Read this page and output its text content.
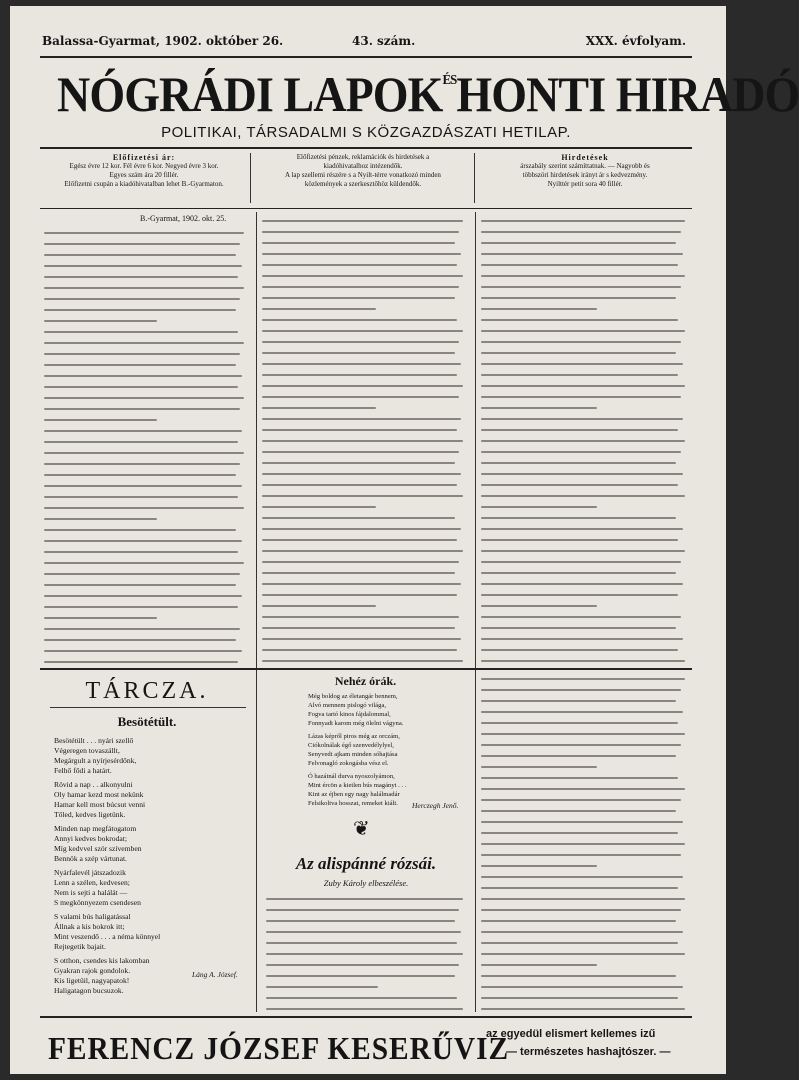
Balassa-Gyarmat, 1902. október 26.	43. szám.	XXX. évfolyam.
NÓGRÁDI $LAPOK^{ÉS}HONTI$ HIRADÓ
POLITIKAI, TÁRSADALMI S KÖZGAZDÁSZATI HETILAP.
Előfizetési ár:
Egész évre 12 kor. Fél évre 6 kor. Negyed évre 3 kor.
Egyes szám ára 20 fillér.
Előfizetni csupán a kiadóhivatalban lehet B.-Gyarmaton.
Előfizetési pénzek, reklamációk és hirdetések a
kiadóhivatalhoz intézendők.
A lap szellemi részére s a Nyilt-térre vonatkozó minden
közlemények a szerkesztőhöz küldendők.
Hirdetések
árszabály szerint számíttatnak. — Nagyobb és
többszöri hirdetések irányt ár s kedvezmény.
Nyilttér petit sora 40 fillér.
B.-Gyarmat, 1902. okt. 25.
TÁRCZA.
Besötétült.
Besötétült . . . nyári szellő
Végeregen tovaszállt,
Megárgult a nyírjesérdőnk,
Felhő fődi a határt.
Rövid a nap . . alkonyulni
Oly hamar kezd most nekünk
Hamar kell most búcsut venni
Tőled, kedves ligetünk.
Minden nap megfátogatom
Annyi kedves bokrodat;
Míg kedvvel ször szívemben
Bennök a szép vártunat.
Nyárfalevél játszadozik
Lenn a szélen, kedvesen;
Nem is sejti a halálát —
S megkönnyezem csendesen
S valami bús haligatással
Állnak a kis bokrok itt;
Mint veszendő . . . a néma könnyel
Rejtegetik bajait.
S otthon, csendes kis lakomban
Gyakran rajok gondolok.
Kis ligetüil, nagyapatok!
Haligatagon bucsuzok.
Láng A. József.
Nehéz órák.
Még boldog az életangár bennem,
Alvó mennem pislogó világa,
Fogva tartó kinos fájdalommal,
Fonnyadt karom még ölelni vágyna.
Lázas képről piros még az orczám,
Ciókolnálak égő szenvedélylyel,
Senyvedt ajkam minden sóhajtása
Felvonagló zokogásba vész el.
Ó hazátnál durva nyoszolyámon,
Mint ércön a kietlen bús magányt . . .
Kint az éjben egy nagy halálmadár
Felsikoltva hosszat, remeket kiált.	Herczegh Jenő.
❦
Az alispánné rózsái.
Zuby Károly elbeszélése.
FERENCZ JÓZSEF KESERŰVIZ
az egyedül elismert kellemes izű
— természetes hashajtószer. —
